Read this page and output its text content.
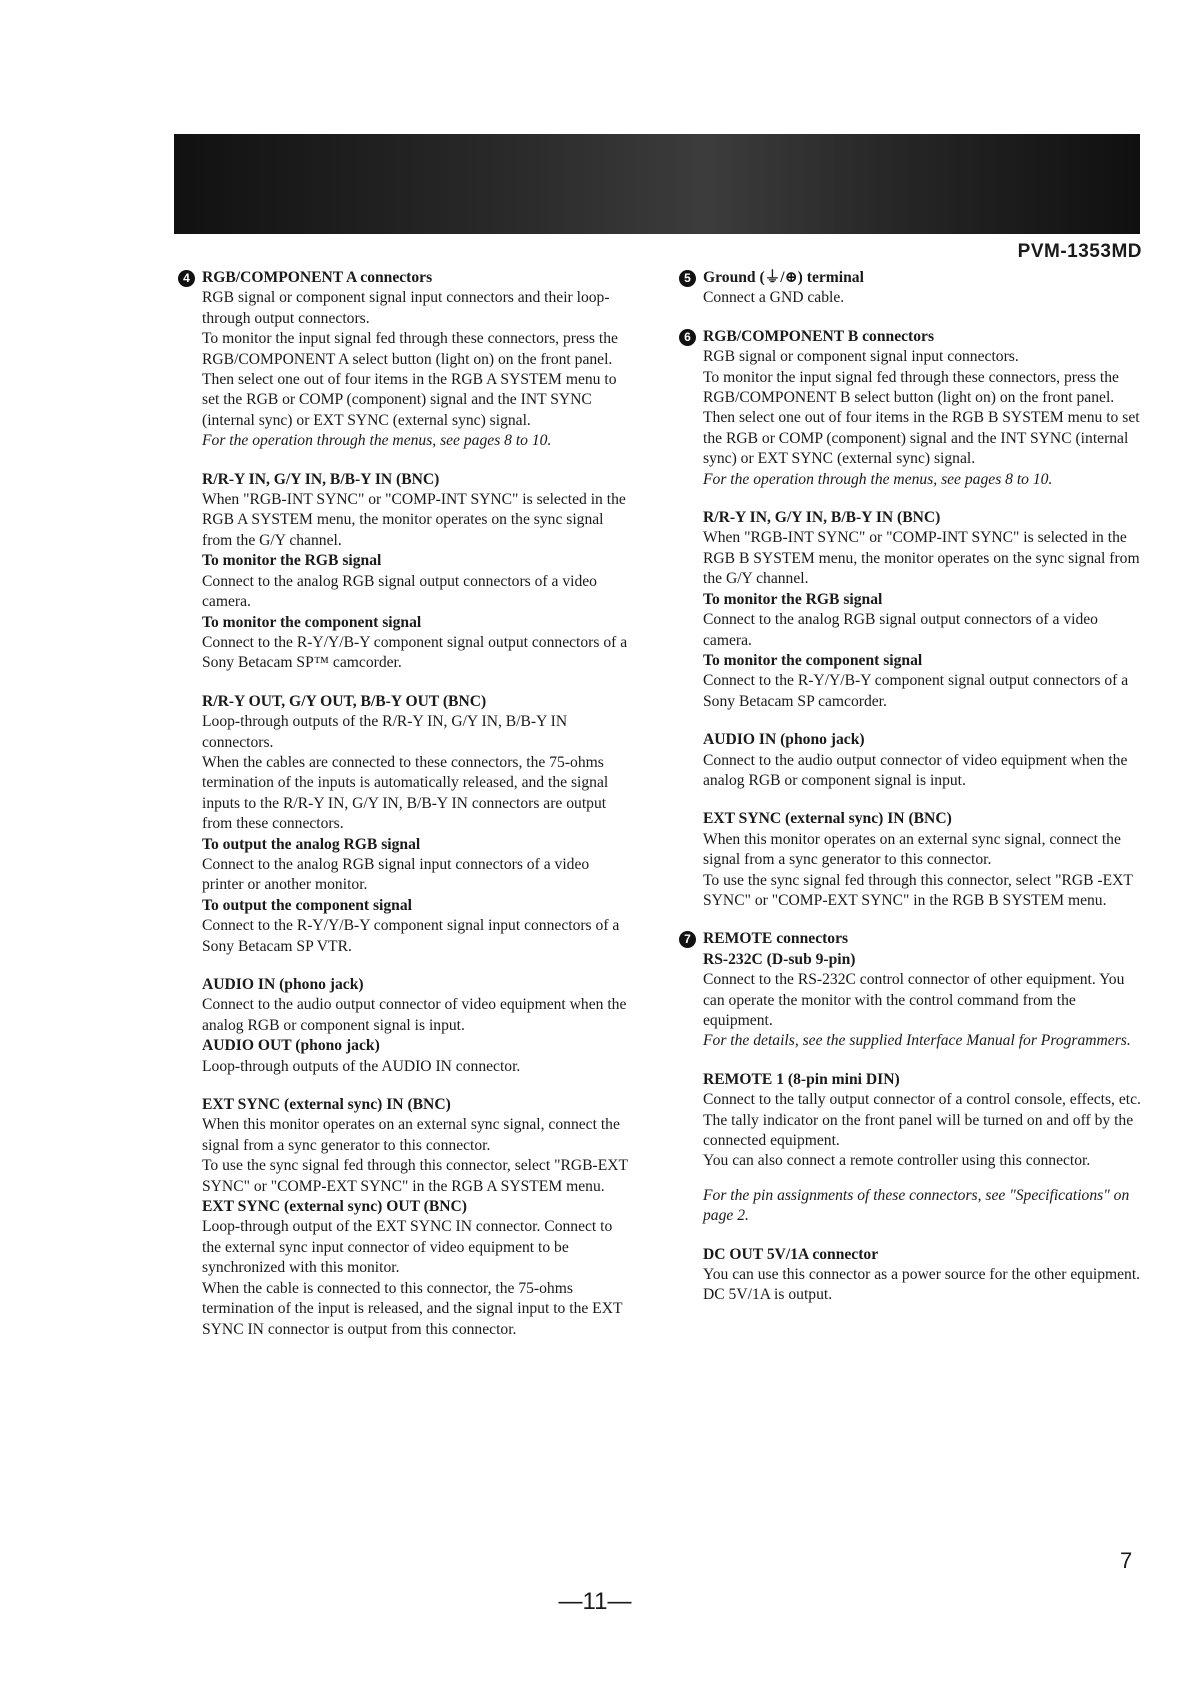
PVM-1353MD
4 RGB/COMPONENT A connectors

RGB signal or component signal input connectors and their loop-through output connectors.

To monitor the input signal fed through these connectors, press the RGB/COMPONENT A select button (light on) on the front panel.

Then select one out of four items in the RGB A SYSTEM menu to set the RGB or COMP (component) signal and the INT SYNC (internal sync) or EXT SYNC (external sync) signal.

For the operation through the menus, see pages 8 to 10.

R/R-Y IN, G/Y IN, B/B-Y IN (BNC)

When "RGB-INT SYNC" or "COMP-INT SYNC" is selected in the RGB A SYSTEM menu, the monitor operates on the sync signal from the G/Y channel.

To monitor the RGB signal

Connect to the analog RGB signal output connectors of a video camera.

To monitor the component signal

Connect to the R-Y/Y/B-Y component signal output connectors of a Sony Betacam SP™ camcorder.

R/R-Y OUT, G/Y OUT, B/B-Y OUT (BNC)

Loop-through outputs of the R/R-Y IN, G/Y IN, B/B-Y IN connectors.

When the cables are connected to these connectors, the 75-ohms termination of the inputs is automatically released, and the signal inputs to the R/R-Y IN, G/Y IN, B/B-Y IN connectors are output from these connectors.

To output the analog RGB signal

Connect to the analog RGB signal input connectors of a video printer or another monitor.

To output the component signal

Connect to the R-Y/Y/B-Y component signal input connectors of a Sony Betacam SP VTR.

AUDIO IN (phono jack)

Connect to the audio output connector of video equipment when the analog RGB or component signal is input.

AUDIO OUT (phono jack)

Loop-through outputs of the AUDIO IN connector.

EXT SYNC (external sync) IN (BNC)

When this monitor operates on an external sync signal, connect the signal from a sync generator to this connector.

To use the sync signal fed through this connector, select "RGB-EXT SYNC" or "COMP-EXT SYNC" in the RGB A SYSTEM menu.

EXT SYNC (external sync) OUT (BNC)

Loop-through output of the EXT SYNC IN connector. Connect to the external sync input connector of video equipment to be synchronized with this monitor.

When the cable is connected to this connector, the 75-ohms termination of the input is released, and the signal input to the EXT SYNC IN connector is output from this connector.

5 Ground (⏚/⊕) terminal

Connect a GND cable.

6 RGB/COMPONENT B connectors

RGB signal or component signal input connectors.

To monitor the input signal fed through these connectors, press the RGB/COMPONENT B select button (light on) on the front panel.

Then select one out of four items in the RGB B SYSTEM menu to set the RGB or COMP (component) signal and the INT SYNC (internal sync) or EXT SYNC (external sync) signal.

For the operation through the menus, see pages 8 to 10.

R/R-Y IN, G/Y IN, B/B-Y IN (BNC)

When "RGB-INT SYNC" or "COMP-INT SYNC" is selected in the RGB B SYSTEM menu, the monitor operates on the sync signal from the G/Y channel.

To monitor the RGB signal

Connect to the analog RGB signal output connectors of a video camera.

To monitor the component signal

Connect to the R-Y/Y/B-Y component signal output connectors of a Sony Betacam SP camcorder.

AUDIO IN (phono jack)

Connect to the audio output connector of video equipment when the analog RGB or component signal is input.

EXT SYNC (external sync) IN (BNC)

When this monitor operates on an external sync signal, connect the signal from a sync generator to this connector.

To use the sync signal fed through this connector, select "RGB -EXT SYNC" or "COMP-EXT SYNC" in the RGB B SYSTEM menu.

7 REMOTE connectors

RS-232C (D-sub 9-pin)

Connect to the RS-232C control connector of other equipment. You can operate the monitor with the control command from the equipment.

For the details, see the supplied Interface Manual for Programmers.

REMOTE 1 (8-pin mini DIN)

Connect to the tally output connector of a control console, effects, etc. The tally indicator on the front panel will be turned on and off by the connected equipment.

You can also connect a remote controller using this connector.

For the pin assignments of these connectors, see "Specifications" on page 2.

DC OUT 5V/1A connector

You can use this connector as a power source for the other equipment.

DC 5V/1A is output.

7
—11—
